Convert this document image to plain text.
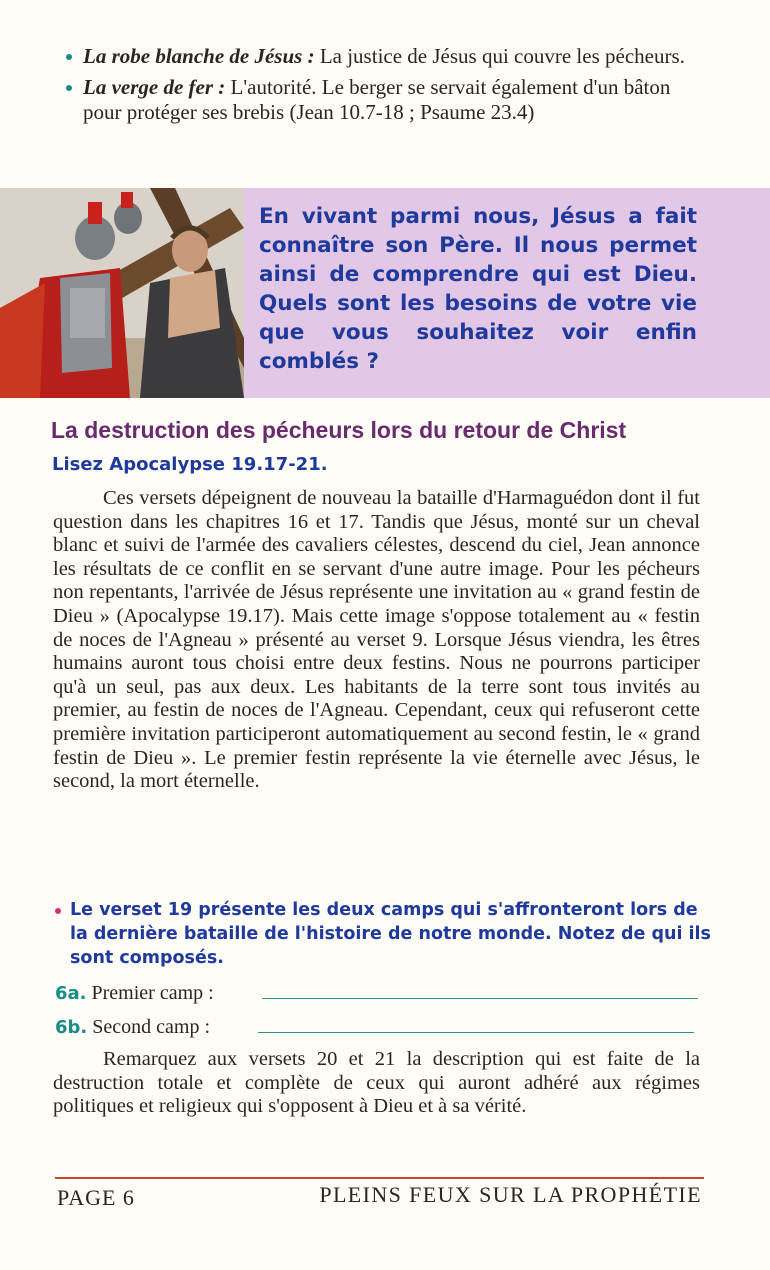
La robe blanche de Jésus : La justice de Jésus qui couvre les pécheurs.
La verge de fer : L'autorité. Le berger se servait également d'un bâton pour protéger ses brebis (Jean 10.7-18 ; Psaume 23.4)
En vivant parmi nous, Jésus a fait connaître son Père. Il nous permet ainsi de comprendre qui est Dieu. Quels sont les besoins de votre vie que vous souhaitez voir enfin comblés ?
La destruction des pécheurs lors du retour de Christ
Lisez Apocalypse 19.17-21.
Ces versets dépeignent de nouveau la bataille d'Harmaguédon dont il fut question dans les chapitres 16 et 17. Tandis que Jésus, monté sur un cheval blanc et suivi de l'armée des cavaliers célestes, descend du ciel, Jean annonce les résultats de ce conflit en se servant d'une autre image. Pour les pécheurs non repentants, l'arrivée de Jésus représente une invitation au « grand festin de Dieu » (Apocalypse 19.17). Mais cette image s'oppose totalement au « festin de noces de l'Agneau » présenté au verset 9. Lorsque Jésus viendra, les êtres humains auront tous choisi entre deux festins. Nous ne pourrons participer qu'à un seul, pas aux deux. Les habitants de la terre sont tous invités au premier, au festin de noces de l'Agneau. Cependant, ceux qui refuseront cette première invitation participeront automatiquement au second festin, le « grand festin de Dieu ». Le premier festin représente la vie éternelle avec Jésus, le second, la mort éternelle.
Le verset 19 présente les deux camps qui s'affronteront lors de la dernière bataille de l'histoire de notre monde. Notez de qui ils sont composés.
6a. Premier camp :
6b. Second camp :
Remarquez aux versets 20 et 21 la description qui est faite de la destruction totale et complète de ceux qui auront adhéré aux régimes politiques et religieux qui s'opposent à Dieu et à sa vérité.
PAGE 6	PLEINS FEUX SUR LA PROPHÉTIE
